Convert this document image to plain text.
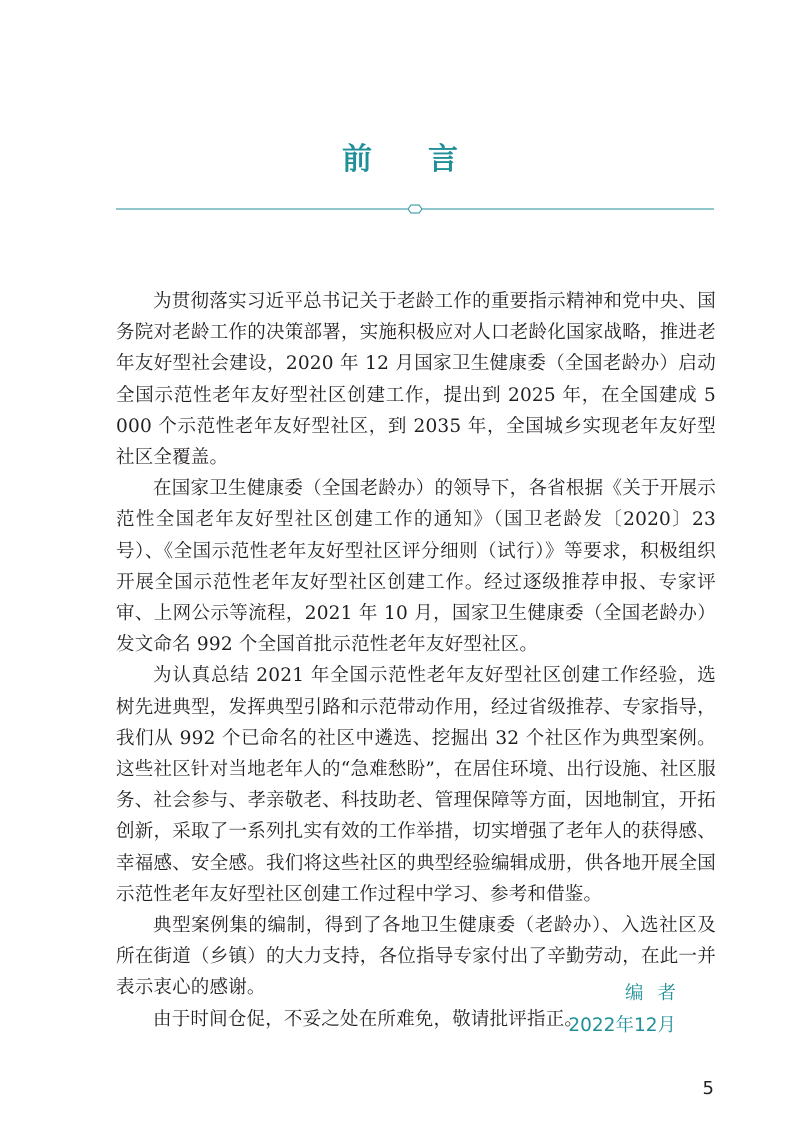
前言

为贯彻落实习近平总书记关于老龄工作的重要指示精神和党中央、国务院对老龄工作的决策部署，实施积极应对人口老龄化国家战略，推进老年友好型社会建设，2020 年 12 月国家卫生健康委（全国老龄办）启动全国示范性老年友好型社区创建工作，提出到 2025 年，在全国建成 5 000 个示范性老年友好型社区，到 2035 年，全国城乡实现老年友好型社区全覆盖。

在国家卫生健康委（全国老龄办）的领导下，各省根据《关于开展示范性全国老年友好型社区创建工作的通知》（国卫老龄发〔2020〕23 号）、《全国示范性老年友好型社区评分细则（试行）》等要求，积极组织开展全国示范性老年友好型社区创建工作。经过逐级推荐申报、专家评审、上网公示等流程，2021 年 10 月，国家卫生健康委（全国老龄办）发文命名 992 个全国首批示范性老年友好型社区。

为认真总结 2021 年全国示范性老年友好型社区创建工作经验，选树先进典型，发挥典型引路和示范带动作用，经过省级推荐、专家指导，我们从 992 个已命名的社区中遴选、挖掘出 32 个社区作为典型案例。这些社区针对当地老年人的“急难愁盼”，在居住环境、出行设施、社区服务、社会参与、孝亲敬老、科技助老、管理保障等方面，因地制宜，开拓创新，采取了一系列扎实有效的工作举措，切实增强了老年人的获得感、幸福感、安全感。我们将这些社区的典型经验编辑成册，供各地开展全国示范性老年友好型社区创建工作过程中学习、参考和借鉴。

典型案例集的编制，得到了各地卫生健康委（老龄办）、入选社区及所在街道（乡镇）的大力支持，各位指导专家付出了辛勤劳动，在此一并表示衷心的感谢。

由于时间仓促，不妥之处在所难免，敬请批评指正。

编者
2022年12月
5
